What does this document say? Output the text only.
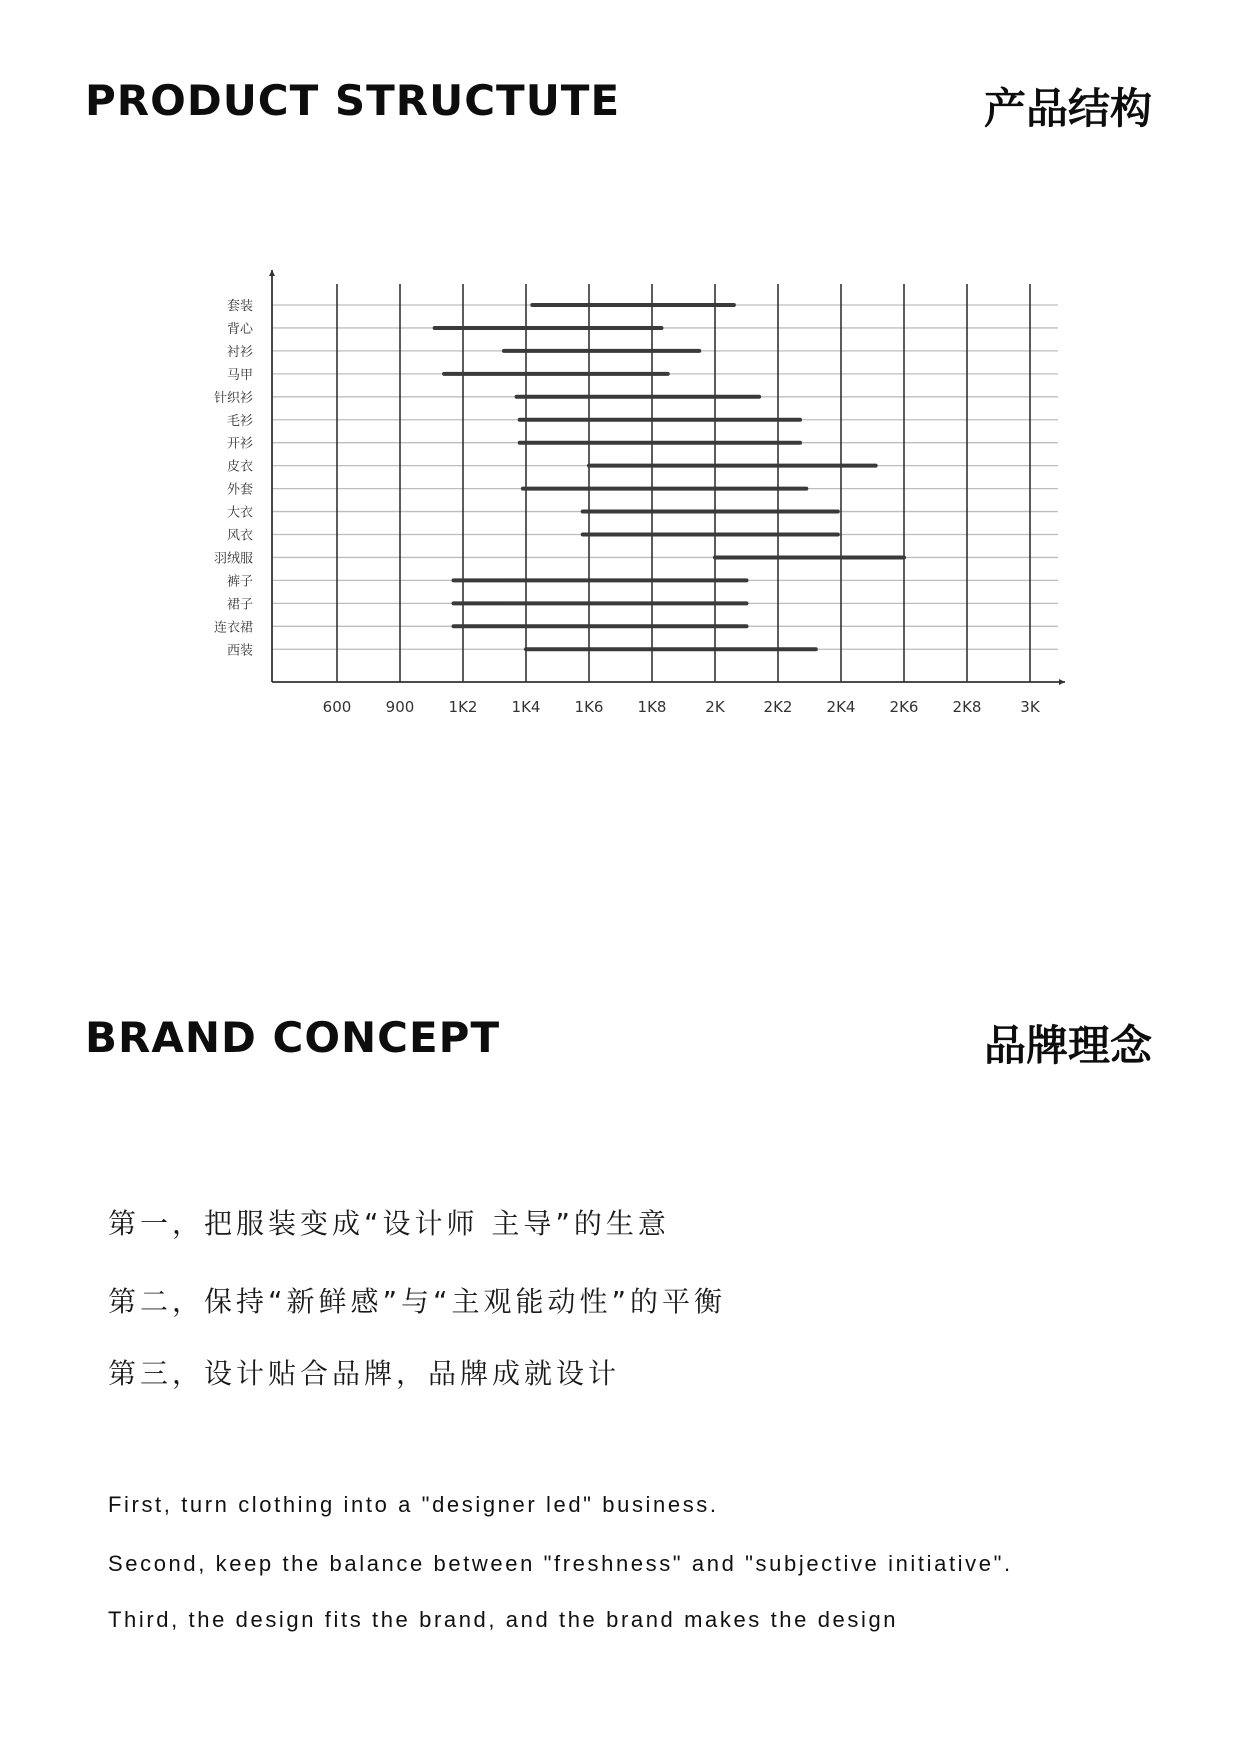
PRODUCT STRUCTUTE	产品结构
套装
背心
衬衫
马甲
针织衫
毛衫
开衫
皮衣
外套
大衣
风衣
羽绒服
裤子
裙子
连衣裙
西装
600 900 1K2 1K4 1K6 1K8	2K	2K2 2K4 2K6 2K8	3K
BRAND CONCEPT	品牌理念
第一，把服装变成“设计师 主导”的生意
第二，保持“新鲜感”与“主观能动性”的平衡
第三，设计贴合品牌，品牌成就设计
First, turn clothing into a "designer led" business.
Second, keep the balance between "freshness" and "subjective initiative".
Third, the design fits the brand, and the brand makes the design
